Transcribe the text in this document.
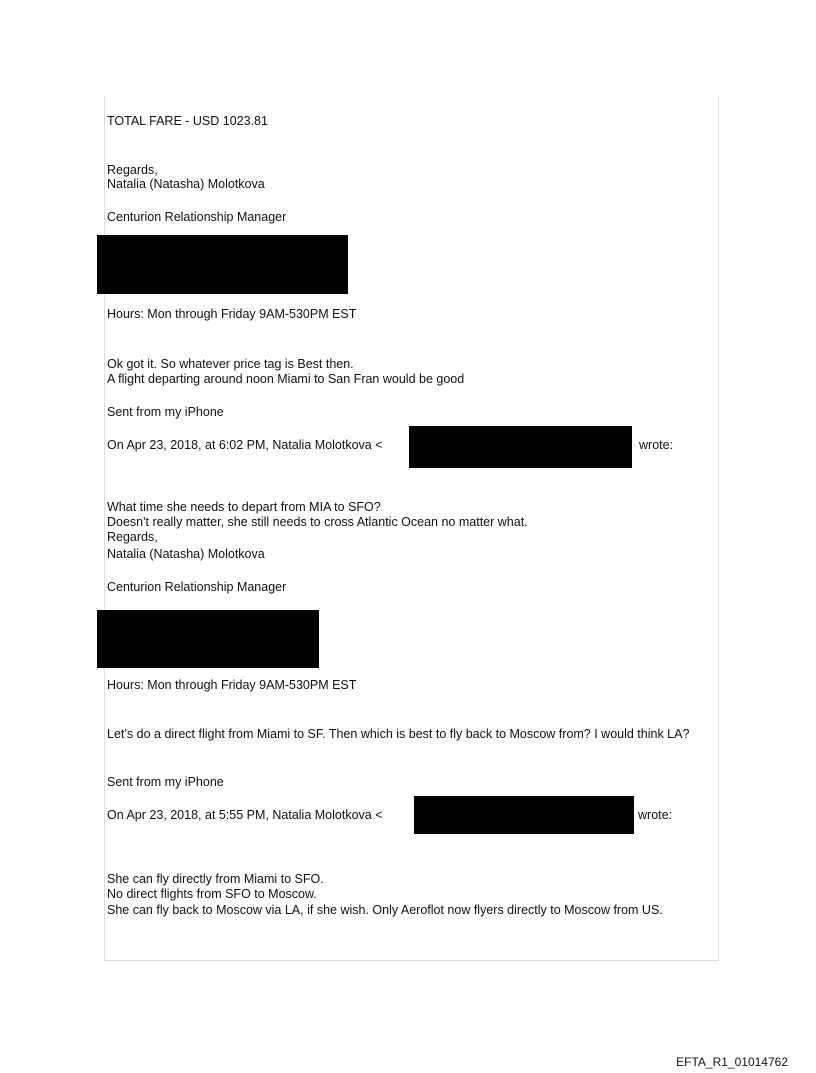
TOTAL FARE - USD 1023.81

Regards,

Natalia (Natasha) Molotkova

Centurion Relationship Manager

Hours: Mon through Friday 9AM-530PM EST

Ok got it. So whatever price tag is Best then.

A flight departing around noon Miami to San Fran would be good

Sent from my iPhone

On Apr 23, 2018, at 6:02 PM, Natalia Molotkova <	wrote:

What time she needs to depart from MIA to SFO?

Doesn't really matter, she still needs to cross Atlantic Ocean no matter what.

Regards,

Natalia (Natasha) Molotkova

Centurion Relationship Manager

Hours: Mon through Friday 9AM-530PM EST

Let’s do a direct flight from Miami to SF. Then which is best to fly back to Moscow from? I would think LA?

Sent from my iPhone

On Apr 23, 2018, at 5:55 PM, Natalia Molotkova <	wrote:

She can fly directly from Miami to SFO.

No direct flights from SFO to Moscow.

She can fly back to Moscow via LA, if she wish. Only Aeroflot now flyers directly to Moscow from US.

EFTA_R1_01014762
